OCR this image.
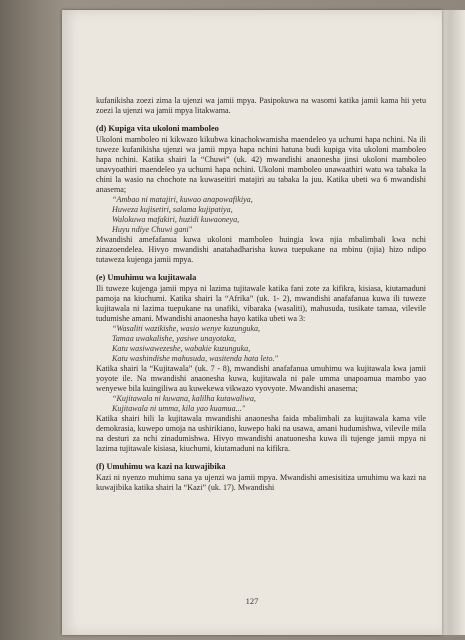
kufanikisha zoezi zima la ujenzi wa jamii mpya. Pasipokuwa na wasomi katika jamii kama hii yetu zoezi la ujenzi wa jamii mpya litakwama.

(d) Kupiga vita ukoloni mamboleo

Ukoloni mamboleo ni kikwazo kikubwa kinachokwamisha maendeleo ya uchumi hapa nchini. Na ili tuweze kufanikisha ujenzi wa jamii mpya hapa nchini hatuna budi kupiga vita ukoloni mamboleo hapa nchini. Katika shairi la “Chuwi” (uk. 42) mwandishi anaonesha jinsi ukoloni mamboleo unavyoathiri maendeleo ya uchumi hapa nchini. Ukoloni mamboleo unawaathiri watu wa tabaka la chini la wasio na chochote na kuwaseitiri matajiri au tabaka la juu. Katika ubeti wa 6 mwandishi anasema;

“Ambao ni matajiri, kuwao anapowafikiya,
Huweza kujisetiri, salama kujipatiya,
Walokuwa mafakiri, huzidi kuwaoneya,
Huyu ndiye Chuwi ganiʺ

Mwandishi amefafanua kuwa ukoloni mamboleo huingia kwa njia mbalimbali kwa nchi zinazoendelea. Hivyo mwandishi anatahadharisha kuwa tuepukane na mbinu (njia) hizo ndipo tutaweza kujenga jamii mpya.

(e) Umuhimu wa kujitawala

Ili tuweze kujenga jamii mpya ni lazima tujitawale katika fani zote za kifikra, kisiasa, kiutamaduni pamoja na kiuchumi. Katika shairi la “Afrika” (uk. 1- 2), mwandishi anafafanua kuwa ili tuweze kujitawala ni lazima tuepukane na unafiki, vibaraka (wasaliti), mahusuda, tusikate tamaa, vilevile tudumishe amani. Mwandishi anaonesha hayo katika ubeti wa 3:

“Wasaliti wazikishe, wasio wenye kuzunguka,
Tamaa uwakalishe, yasiwe unayotaka,
Katu wasiwawezeshe, wabakie kuzunguka,
Katu washindishe mahusuda, wasitenda hata leto.ʺ

Katika shairi la “Kujitawala” (uk. 7 - 8), mwandishi anafafanua umuhimu wa kujitawala kwa jamii yoyote ile. Na mwandishi anaonesha kuwa, kujitawala ni pale umma unapoamua mambo yao wenyewe bila kuingiliwa au kuwekewa vikwazo vyovyote. Mwandishi anasema;

“Kujitawala ni kuwana, kalilha kutawaliwa,
Kujitawala ni umma, kila yao kuamua...ʺ

Katika shairi hili la kujitawala mwandishi anaonesha faida mbalimbali za kujitawala kama vile demokrasia, kuwepo umoja na ushirikiano, kuwepo haki na usawa, amani hudumishwa, vilevile mila na desturi za nchi zinadumishwa. Hivyo mwandishi anatuonesha kuwa ili tujenge jamii mpya ni lazima tujitawale kisiasa, kiuchumi, kiutamaduni na kifikra.

(f) Umuhimu wa kazi na kuwajibika

Kazi ni nyenzo muhimu sana ya ujenzi wa jamii mpya. Mwandishi amesisitiza umuhimu wa kazi na kuwajibika katika shairi la “Kazi” (uk. 17). Mwandishi

127
